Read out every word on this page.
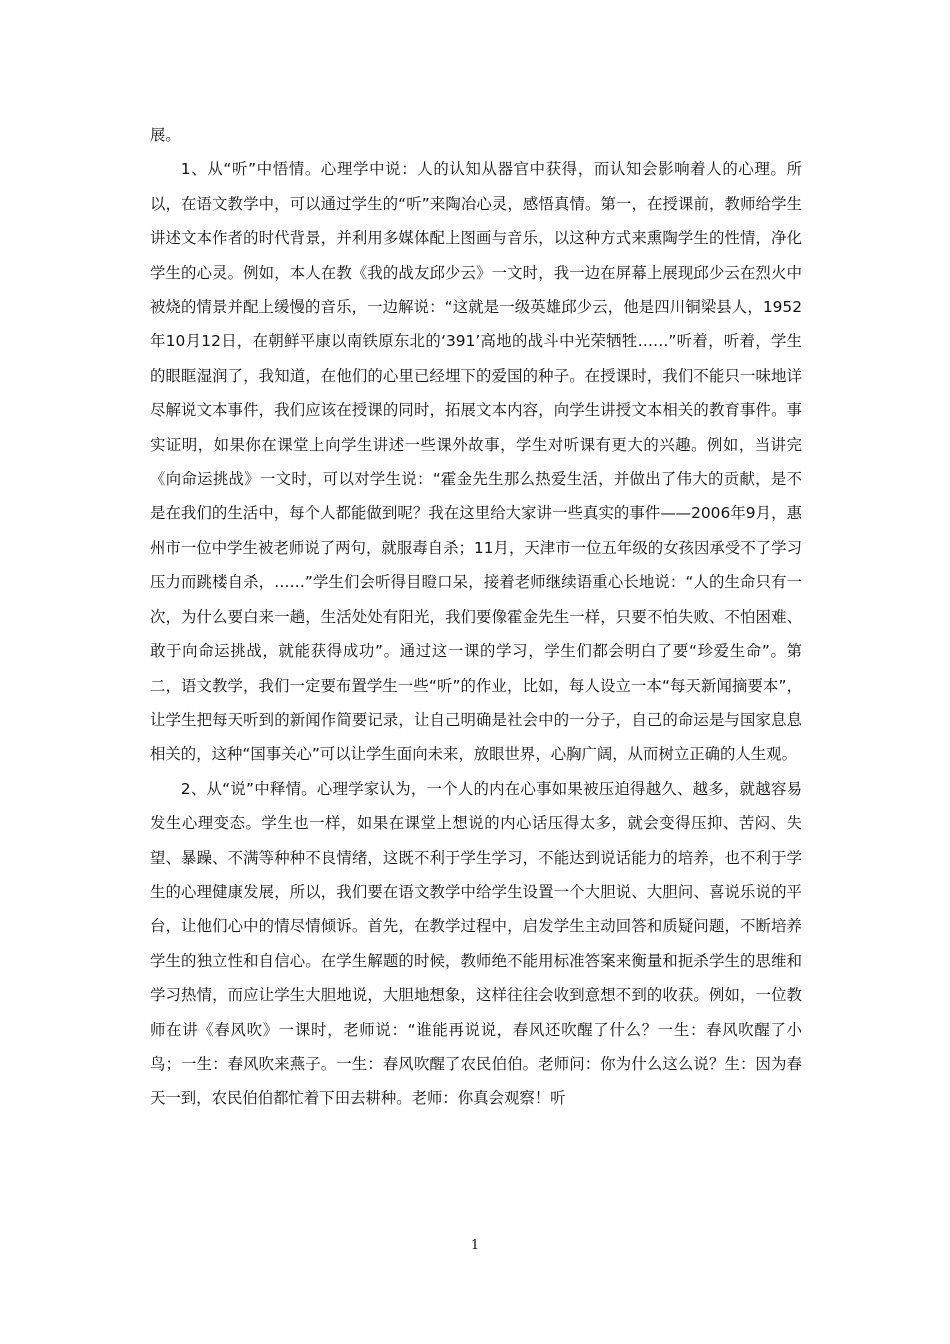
展。

1、从“听”中悟情。心理学中说：人的认知从器官中获得，而认知会影响着人的心理。所以，在语文教学中，可以通过学生的“听”来陶冶心灵，感悟真情。第一，在授课前，教师给学生讲述文本作者的时代背景，并利用多媒体配上图画与音乐，以这种方式来熏陶学生的性情，净化学生的心灵。例如，本人在教《我的战友邱少云》一文时，我一边在屏幕上展现邱少云在烈火中被烧的情景并配上缓慢的音乐，一边解说：“这就是一级英雄邱少云，他是四川铜梁县人，1952年10月12日，在朝鲜平康以南铁原东北的‘391’高地的战斗中光荣牺牲……”听着，听着，学生的眼眶湿润了，我知道，在他们的心里已经埋下的爱国的种子。在授课时，我们不能只一味地详尽解说文本事件，我们应该在授课的同时，拓展文本内容，向学生讲授文本相关的教育事件。事实证明，如果你在课堂上向学生讲述一些课外故事，学生对听课有更大的兴趣。例如，当讲完《向命运挑战》一文时，可以对学生说：“霍金先生那么热爱生活，并做出了伟大的贡献，是不是在我们的生活中，每个人都能做到呢？我在这里给大家讲一些真实的事件——2006年9月，惠州市一位中学生被老师说了两句，就服毒自杀；11月，天津市一位五年级的女孩因承受不了学习压力而跳楼自杀，……”学生们会听得目瞪口呆，接着老师继续语重心长地说：“人的生命只有一次，为什么要白来一趟，生活处处有阳光，我们要像霍金先生一样，只要不怕失败、不怕困难、敢于向命运挑战，就能获得成功”。通过这一课的学习，学生们都会明白了要“珍爱生命”。第二，语文教学，我们一定要布置学生一些“听”的作业，比如，每人设立一本“每天新闻摘要本”，让学生把每天听到的新闻作简要记录，让自己明确是社会中的一分子，自己的命运是与国家息息相关的，这种“国事关心”可以让学生面向未来，放眼世界，心胸广阔，从而树立正确的人生观。

2、从“说”中释情。心理学家认为，一个人的内在心事如果被压迫得越久、越多，就越容易发生心理变态。学生也一样，如果在课堂上想说的内心话压得太多，就会变得压抑、苦闷、失望、暴躁、不满等种种不良情绪，这既不利于学生学习，不能达到说话能力的培养，也不利于学生的心理健康发展，所以，我们要在语文教学中给学生设置一个大胆说、大胆问、喜说乐说的平台，让他们心中的情尽情倾诉。首先，在教学过程中，启发学生主动回答和质疑问题，不断培养学生的独立性和自信心。在学生解题的时候，教师绝不能用标准答案来衡量和扼杀学生的思维和学习热情，而应让学生大胆地说，大胆地想象，这样往往会收到意想不到的收获。例如，一位教师在讲《春风吹》一课时，老师说：“谁能再说说，春风还吹醒了什么？一生：春风吹醒了小鸟；一生：春风吹来燕子。一生：春风吹醒了农民伯伯。老师问：你为什么这么说？生：因为春天一到，农民伯伯都忙着下田去耕种。老师：你真会观察！听

1
